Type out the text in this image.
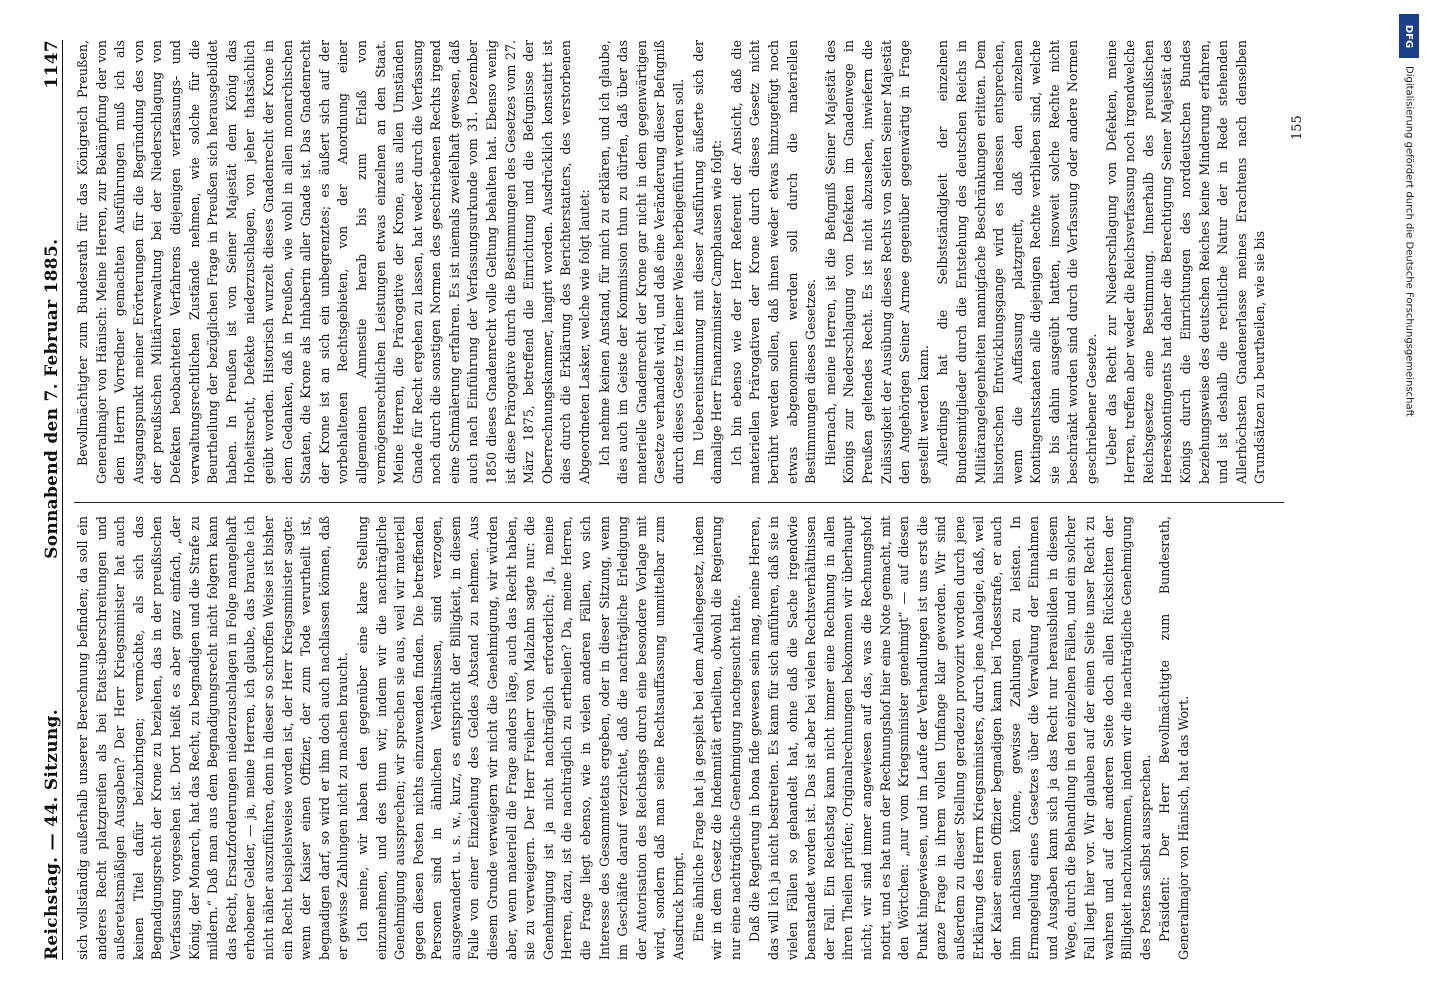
Reichstag. — 44. Sitzung.
Sonnabend den 7. Februar 1885.
1147

sich vollständig außerhalb unserer Berechnung befinden; da soll ein anderes Recht platzgreifen als bei Etats-überschreitungen und außeretatsmäßigen Ausgaben? Der Herr Kriegsminister hat auch keinen Titel dafür beizubringen; vermöchte, als sich das Begnadigungsrecht der Krone zu beziehen, das in der preußischen Verfassung vorgesehen ist. Dort heißt es aber ganz einfach, „der König, der Monarch, hat das Recht, zu begnadigen und die Strafe zu mildern.“ Daß man aus dem Begnadigungsrecht nicht folgern kann das Recht, Ersatzforderungen niederzuschlagen in Folge mangelhaft erhobener Gelder, — ja, meine Herren, ich glaube, das brauche ich nicht näher auszuführen, denn in dieser so schroffen Weise ist bisher ein Recht beispielsweise worden ist, der Herr Kriegsminister sagte: wenn der Kaiser einen Offizier, der zum Tode verurtheilt ist, begnadigen darf, so wird er ihm doch auch nachlassen können, daß er gewisse Zahlungen nicht zu machen braucht. Ich meine, wir haben den gegenüber eine klare Stellung einzunehmen, und des thun wir, indem wir die nachträgliche Genehmigung aussprechen; wir sprechen sie aus, weil wir materiell gegen diesen Posten nichts einzuwenden finden. Die betreffenden Personen sind in ähnlichen Verhältnissen, sind verzogen, ausgewandert u. s. w., kurz, es entspricht der Billigkeit, in diesem Falle von einer Einziehung des Geldes Abstand zu nehmen. Aus diesem Grunde verweigern wir nicht die Genehmigung, wir würden aber, wenn materiell die Frage anders läge, auch das Recht haben, sie zu verweigern. Der Herr Freiherr von Malzahn sagte nur: die Genehmigung ist ja nicht nachträglich erforderlich; Ja, meine Herren, dazu, ist die nachträglich zu ertheilen? Da, meine Herren, die Frage liegt ebenso, wie in vielen anderen Fällen, wo sich Interesse des Gesammtetats ergeben, oder in dieser Sitzung, wenn im Geschäfte darauf verzichtet, daß die nachträgliche Erledigung der Autorisation des Reichstags durch eine besondere Vorlage mit wird, sondern daß man seine Rechtsauffassung unmittelbar zum Ausdruck bringt. Eine ähnliche Frage hat ja gespielt bei dem Anleihegesetz, indem wir in dem Gesetz die Indemnität ertheilten, obwohl die Regierung nur eine nachträgliche Genehmigung nachgesucht hatte. Daß die Regierung in bona fide gewesen sein mag, meine Herren, das will ich ja nicht bestreiten. Es kann für sich anführen, daß sie in vielen Fällen so gehandelt hat, ohne daß die Sache irgendwie beanstandet worden ist. Das ist aber bei vielen Rechtsverhältnissen der Fall. Ein Reichstag kann nicht immer eine Rechnung in allen ihren Theilen prüfen; Originalrechnungen bekommen wir überhaupt nicht; wir sind immer angewiesen auf das, was die Rechnungshof notirt, und es hat nun der Rechnungshof hier eine Note gemacht, mit den Wörtchen: „nur vom Kriegsminister genehmigt“ — auf diesen Punkt hingewiesen, und im Laufe der Verhandlungen ist uns erst die ganze Frage in ihrem vollen Umfange klar geworden. Wir sind außerdem zu dieser Stellung geradezu provozirt worden durch jene Erklärung des Herrn Kriegsministers, durch jene Analogie, daß, weil der Kaiser einen Offizier begnadigen kann bei Todesstrafe, er auch ihm nachlassen könne, gewisse Zahlungen zu leisten. In Ermangelung eines Gesetzes über die Verwaltung der Einnahmen und Ausgaben kann sich ja das Recht nur herausbilden in diesem Wege, durch die Behandlung in den einzelnen Fällen, und ein solcher Fall liegt hier vor. Wir glauben auf der einen Seite unser Recht zu wahren und auf der anderen Seite doch allen Rücksichten der Billigkeit nachzukommen, indem wir die nachträgliche Genehmigung des Postens selbst aussprechen. Präsident: Der Herr Bevollmächtigte zum Bundesrath, Generalmajor von Hänisch, hat das Wort.

Bevollmächtigter zum Bundesrath für das Königreich Preußen, Generalmajor von Hänisch: Meine Herren, zur Bekämpfung der von dem Herrn Vorredner gemachten Ausführungen muß ich als Ausgangspunkt meiner Erörterungen für die Begründung des von der preußischen Militärverwaltung bei der Niederschlagung von Defekten beobachteten Verfahrens diejenigen verfassungs- und verwaltungsrechtlichen Zustände nehmen, wie solche für die Beurtheilung der bezüglichen Frage in Preußen sich herausgebildet haben. In Preußen ist von Seiner Majestät dem König das Hoheitsrecht, Defekte niederzuschlagen, von jeher thatsächlich geübt worden. Historisch wurzelt dieses Gnadenrecht der Krone in dem Gedanken, daß in Preußen, wie wohl in allen monarchischen Staaten, die Krone als Inhaberin aller Gnade ist. Das Gnadenrecht der Krone ist an sich ein unbegrenztes; es äußert sich auf der vorbehaltenen Rechtsgebieten, von der Anordnung einer allgemeinen Amnestie herab bis zum Erlaß von vermögensrechtlichen Leistungen etwas einzelnen an den Staat. Meine Herren, die Prärogative der Krone, aus allen Umständen Gnade für Recht ergehen zu lassen, hat weder durch die Verfassung noch durch die sonstigen Normen des geschriebenen Rechts irgend eine Schmälerung erfahren. Es ist niemals zweifelhaft gewesen, daß auch nach Einführung der Verfassungsurkunde vom 31. Dezember 1850 dieses Gnadenrecht volle Geltung behalten hat. Ebenso wenig ist diese Prärogative durch die Bestimmungen des Gesetzes vom 27. März 1875, betreffend die Einrichtung und die Befugnisse der Oberrechnungskammer, langirt worden. Ausdrücklich konstatirt ist dies durch die Erklärung des Berichterstatters, des verstorbenen Abgeordneten Lasker, welche wie folgt lautet: Ich nehme keinen Anstand, für mich zu erklären, und ich glaube, dies auch im Geiste der Kommission thun zu dürfen, daß über das materielle Gnadenrecht der Krone gar nicht in dem gegenwärtigen Gesetze verhandelt wird, und daß eine Veränderung dieser Befugniß durch dieses Gesetz in keiner Weise herbeigeführt werden soll. Im Uebereinstimmung mit dieser Ausführung äußerte sich der damalige Herr Finanzminister Camphausen wie folgt: Ich bin ebenso wie der Herr Referent der Ansicht, daß die materiellen Prärogativen der Krone durch dieses Gesetz nicht berührt werden sollen, daß ihnen weder etwas hinzugefügt noch etwas abgenommen werden soll durch die materiellen Bestimmungen dieses Gesetzes. Hiernach, meine Herren, ist die Befugniß Seiner Majestät des Königs zur Niederschlagung von Defekten im Gnadenwege in Preußen geltendes Recht. Es ist nicht abzusehen, inwiefern die Zulässigkeit der Ausübung dieses Rechts von Seiten Seiner Majestät den Angehörigen Seiner Armee gegenüber gegenwärtig in Frage gestellt werden kann. Allerdings hat die Selbstständigkeit der einzelnen Bundesmitglieder durch die Entstehung des deutschen Reichs in Militärangelegenheiten mannigfache Beschränkungen erlitten. Dem historischen Entwicklungsgange wird es indessen entsprechen, wenn die Auffassung platzgreift, daß den einzelnen Kontingentsstaaten alle diejenigen Rechte verblieben sind, welche sie bis dahin ausgeübt hatten, insoweit solche Rechte nicht beschränkt worden sind durch die Verfassung oder andere Normen geschriebener Gesetze. Ueber das Recht zur Niederschlagung von Defekten, meine Herren, treffen aber weder die Reichsverfassung noch irgendwelche Reichsgesetze eine Bestimmung. Innerhalb des preußischen Heereskontingents hat daher die Berechtigung Seiner Majestät des Königs durch die Einrichtungen des norddeutschen Bundes beziehungsweise des deutschen Reiches keine Minderung erfahren, und ist deshalb die rechtliche Natur der in Rede stehenden Allerhöchsten Gnadenerlasse meines Erachtens nach denselben Grundsätzen zu beurtheilen, wie sie bis

155
DFG
Digitalisierung gefördert durch die Deutsche Forschungsgemeinschaft
